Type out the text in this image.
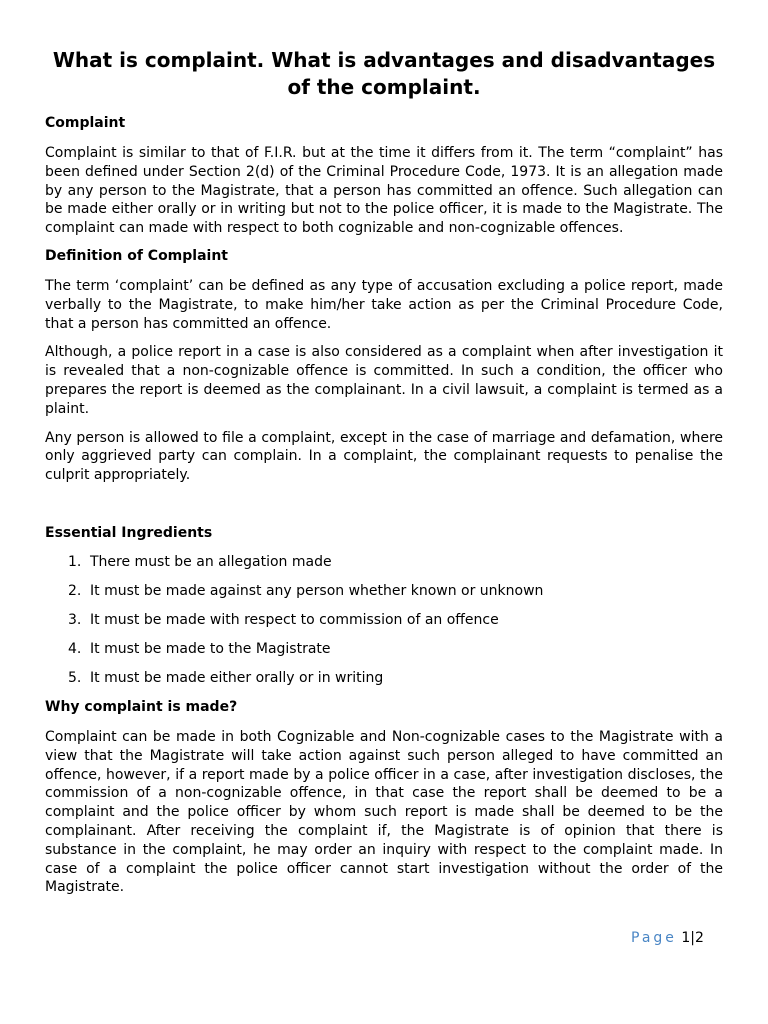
What is complaint. What is advantages and disadvantages of the complaint.
Complaint

Complaint is similar to that of F.I.R. but at the time it differs from it. The term “complaint” has been defined under Section 2(d) of the Criminal Procedure Code, 1973. It is an allegation made by any person to the Magistrate, that a person has committed an offence. Such allegation can be made either orally or in writing but not to the police officer, it is made to the Magistrate. The complaint can made with respect to both cognizable and non-cognizable offences.

Definition of Complaint

The term ‘complaint’ can be defined as any type of accusation excluding a police report, made verbally to the Magistrate, to make him/her take action as per the Criminal Procedure Code, that a person has committed an offence.

Although, a police report in a case is also considered as a complaint when after investigation it is revealed that a non-cognizable offence is committed. In such a condition, the officer who prepares the report is deemed as the complainant. In a civil lawsuit, a complaint is termed as a plaint.

Any person is allowed to file a complaint, except in the case of marriage and defamation, where only aggrieved party can complain. In a complaint, the complainant requests to penalise the culprit appropriately.

Essential Ingredients
1. There must be an allegation made
2. It must be made against any person whether known or unknown
3. It must be made with respect to commission of an offence
4. It must be made to the Magistrate
5. It must be made either orally or in writing
Why complaint is made?

Complaint can be made in both Cognizable and Non-cognizable cases to the Magistrate with a view that the Magistrate will take action against such person alleged to have committed an offence, however, if a report made by a police officer in a case, after investigation discloses, the commission of a non-cognizable offence, in that case the report shall be deemed to be a complaint and the police officer by whom such report is made shall be deemed to be the complainant. After receiving the complaint if, the Magistrate is of opinion that there is substance in the complaint, he may order an inquiry with respect to the complaint made. In case of a complaint the police officer cannot start investigation without the order of the Magistrate.

Page 1|2
